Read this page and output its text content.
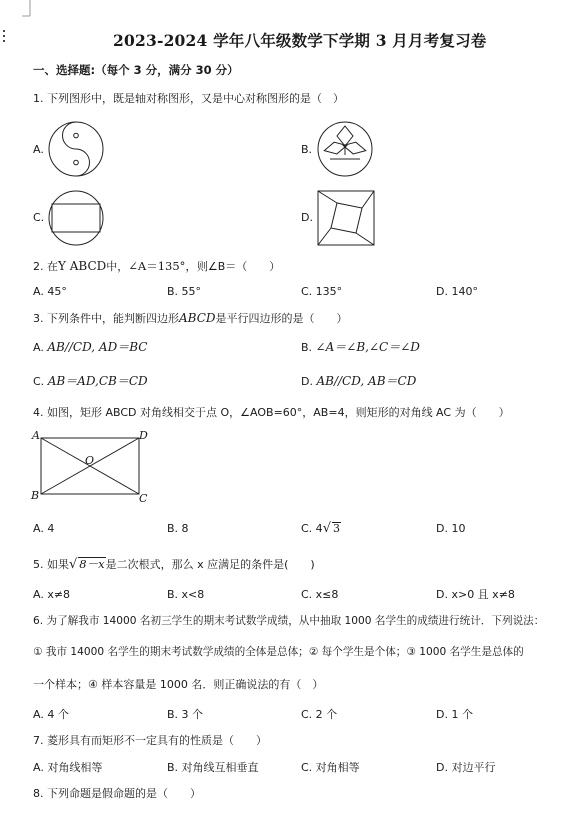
2023-2024 学年八年级数学下学期 3 月月考复习卷
一、选择题:（每个 3 分，满分 30 分）
1. 下列图形中，既是轴对称图形，又是中心对称图形的是（　）
A.	B.
C.	D.
2. 在Y ABCD中，∠A＝135°，则∠B＝（　　）
A. 45°	B. 55°	C. 135°	D. 140°
3. 下列条件中，能判断四边形ABCD是平行四边形的是（　　）
A. AB//CD, AD＝BC	B. ∠A＝∠B,∠C＝∠D
C. AB＝AD,CB＝CD	D. AB//CD, AB＝CD
4. 如图，矩形 ABCD 对角线相交于点 O，∠AOB=60°，AB=4，则矩形的对角线 AC 为（　　）
A	D
B	C
O
A. 4	B. 8	C. 4√ 3	D. 10
5. 如果√ 8－x是二次根式，那么 x 应满足的条件是(　　)
A. x≠8	B. x<8	C. x≤8	D. x>0 且 x≠8
6. 为了解我市 14000 名初三学生的期末考试数学成绩，从中抽取 1000 名学生的成绩进行统计．下列说法：
① 我市 14000 名学生的期末考试数学成绩的全体是总体；② 每个学生是个体；③ 1000 名学生是总体的
一个样本；④ 样本容量是 1000 名．则正确说法的有（　）
A. 4 个	B. 3 个	C. 2 个	D. 1 个
7. 菱形具有而矩形不一定具有的性质是（　　）
A. 对角线相等	B. 对角线互相垂直	C. 对角相等	D. 对边平行
8. 下列命题是假命题的是（　　）
